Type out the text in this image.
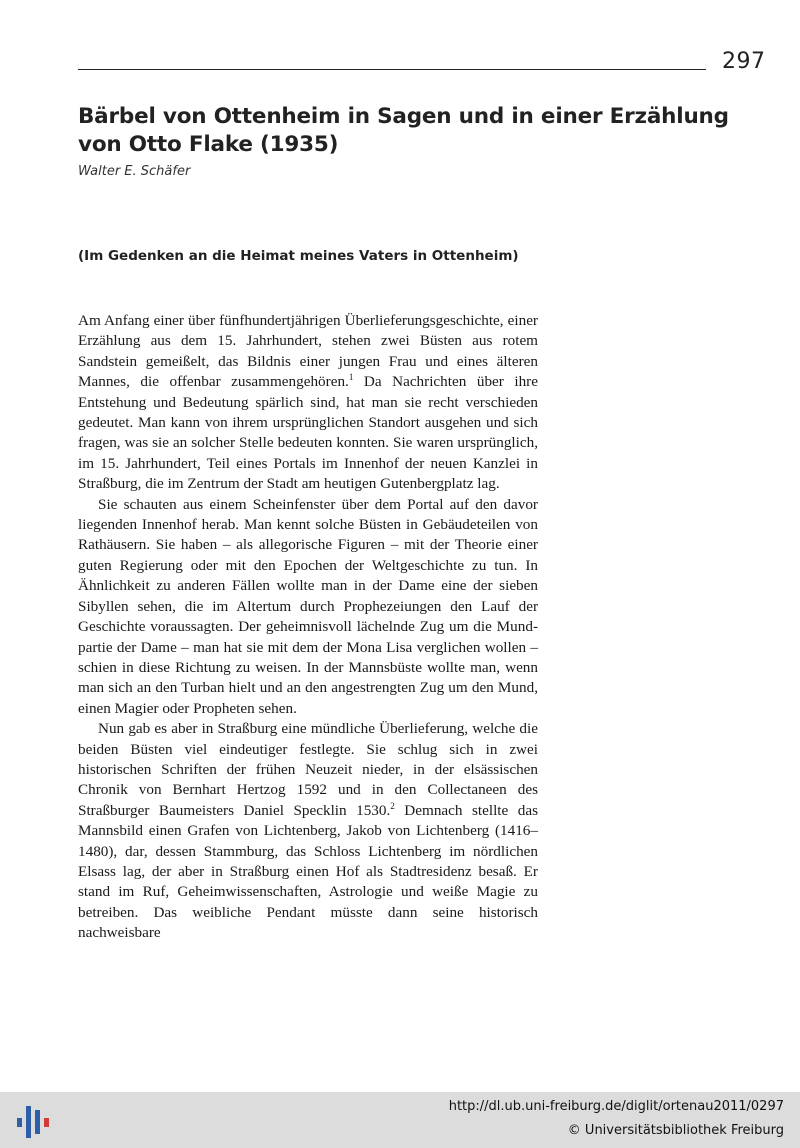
297
Bärbel von Ottenheim in Sagen und in einer Erzählung von Otto Flake (1935)
Walter E. Schäfer
(Im Gedenken an die Heimat meines Vaters in Ottenheim)

Am Anfang einer über fünfhundertjährigen Überlieferungsgeschichte, einer Erzählung aus dem 15. Jahrhundert, stehen zwei Büsten aus rotem Sandstein gemeißelt, das Bildnis einer jungen Frau und eines älteren Mannes, die offenbar zusammengehören.$^1$ Da Nachrichten über ihre Entstehung und Bedeutung spärlich sind, hat man sie recht verschieden gedeutet. Man kann von ihrem ursprünglichen Standort ausgehen und sich fragen, was sie an solcher Stelle bedeuten konnten. Sie waren ursprünglich, im 15. Jahrhundert, Teil eines Portals im Innenhof der neuen Kanzlei in Straßburg, die im Zentrum der Stadt am heutigen Gutenbergplatz lag.

Sie schauten aus einem Scheinfenster über dem Portal auf den davor liegenden Innenhof herab. Man kennt solche Büsten in Gebäudeteilen von Rathäusern. Sie haben – als allegorische Figuren – mit der Theorie einer guten Regierung oder mit den Epochen der Weltgeschichte zu tun. In Ähnlichkeit zu anderen Fällen wollte man in der Dame eine der sieben Sibyllen sehen, die im Altertum durch Prophezeiungen den Lauf der Geschichte voraussagten. Der geheimnisvoll lächelnde Zug um die Mundpartie der Dame – man hat sie mit dem der Mona Lisa verglichen wollen – schien in diese Richtung zu weisen. In der Mannsbüste wollte man, wenn man sich an den Turban hielt und an den angestrengten Zug um den Mund, einen Magier oder Propheten sehen.

Nun gab es aber in Straßburg eine mündliche Überlieferung, welche die beiden Büsten viel eindeutiger festlegte. Sie schlug sich in zwei historischen Schriften der frühen Neuzeit nieder, in der elsässischen Chronik von Bernhart Hertzog 1592 und in den Collectaneen des Straßburger Baumeisters Daniel Specklin 1530.$^2$ Demnach stellte das Mannsbild einen Grafen von Lichtenberg, Jakob von Lichtenberg (1416–1480), dar, dessen Stammburg, das Schloss Lichtenberg im nördlichen Elsass lag, der aber in Straßburg einen Hof als Stadtresidenz besaß. Er stand im Ruf, Geheimwissenschaften, Astrologie und weiße Magie zu betreiben. Das weibliche Pendant müsste dann seine historisch nachweisbare

http://dl.ub.uni-freiburg.de/diglit/ortenau2011/0297
© Universitätsbibliothek Freiburg
